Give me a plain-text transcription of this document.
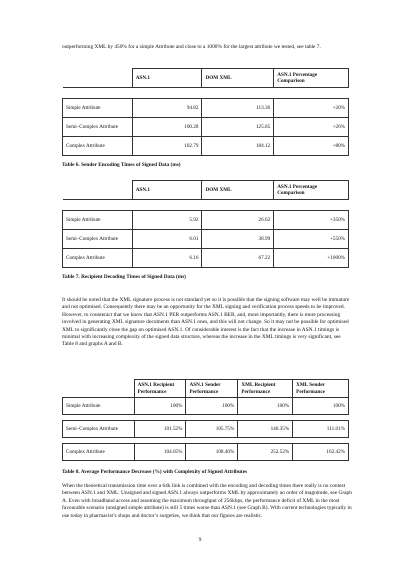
outperforming XML by 450% for a simple Attribute and close to a 1000% for the largest attribute we tested, see table 7.

	ASN.1	DOM XML	ASN.1 Percentage Comparison

Simple Attribute	94.82	113.36	+20%
Semi–Complex Attribute	100.28	125.85	+26%
Complex Attribute	102.79	184.12	+80%
Table 6. Sender Encoding Times of Signed Data (ms)
	ASN.1	DOM XML	ASN.1 Percentage Comparison

Simple Attribute	5.92	26.62	+350%
Semi–Complex Attribute	6.01	38.99	+550%
Complex Attribute	6.16	67.22	+1000%
Table 7. Recipient Decoding Times of Signed Data (ms)

It should be noted that the XML signature process is not standard yet so it is possible that the signing software may well be immature and not optimised. Consequently there may be an opportunity for the XML signing and verification process speeds to be improved. However, to counteract that we know that ASN.1 PER outperforms ASN.1 BER, and, more importantly, there is more processing involved in generating XML signature documents than ASN.1 ones, and this will not change. So it may not be possible for optimised XML to significantly close the gap on optimised ASN.1. Of considerable interest is the fact that the increase in ASN.1 timings is minimal with increasing complexity of the signed data structure, whereas the increase in the XML timings is very significant, see Table 8 and graphs A and B.

	ASN.1 Recipient Performance	ASN.1 Sender Performance	XML Recipient Performance	XML Sender Performance
Simple Attribute	100%	100%	100%	100%

Semi–Complex Attribute	101.52%	105.75%	146.35%	111.01%

Complex Attribute	104.05%	108.40%	252.52%	162.42%
Table 8. Average Performance Decrease (%) with Complexity of Signed Attributes

When the theoretical transmission time over a 64k link is combined with the encoding and decoding times there really is no contest between ASN.1 and XML. Unsigned and signed ASN.1 always outperforms XML by approximately an order of magnitude, see Graph A. Even with broadband access and assuming the maximum throughput of 256kbps, the performance deficit of XML in the most favourable scenario (unsigned simple attribute) is still 5 times worse than ASN.1 (see Graph B). With current technologies typically in use today in pharmacist’s shops and doctor’s surgeries, we think that our figures are realistic.

9
